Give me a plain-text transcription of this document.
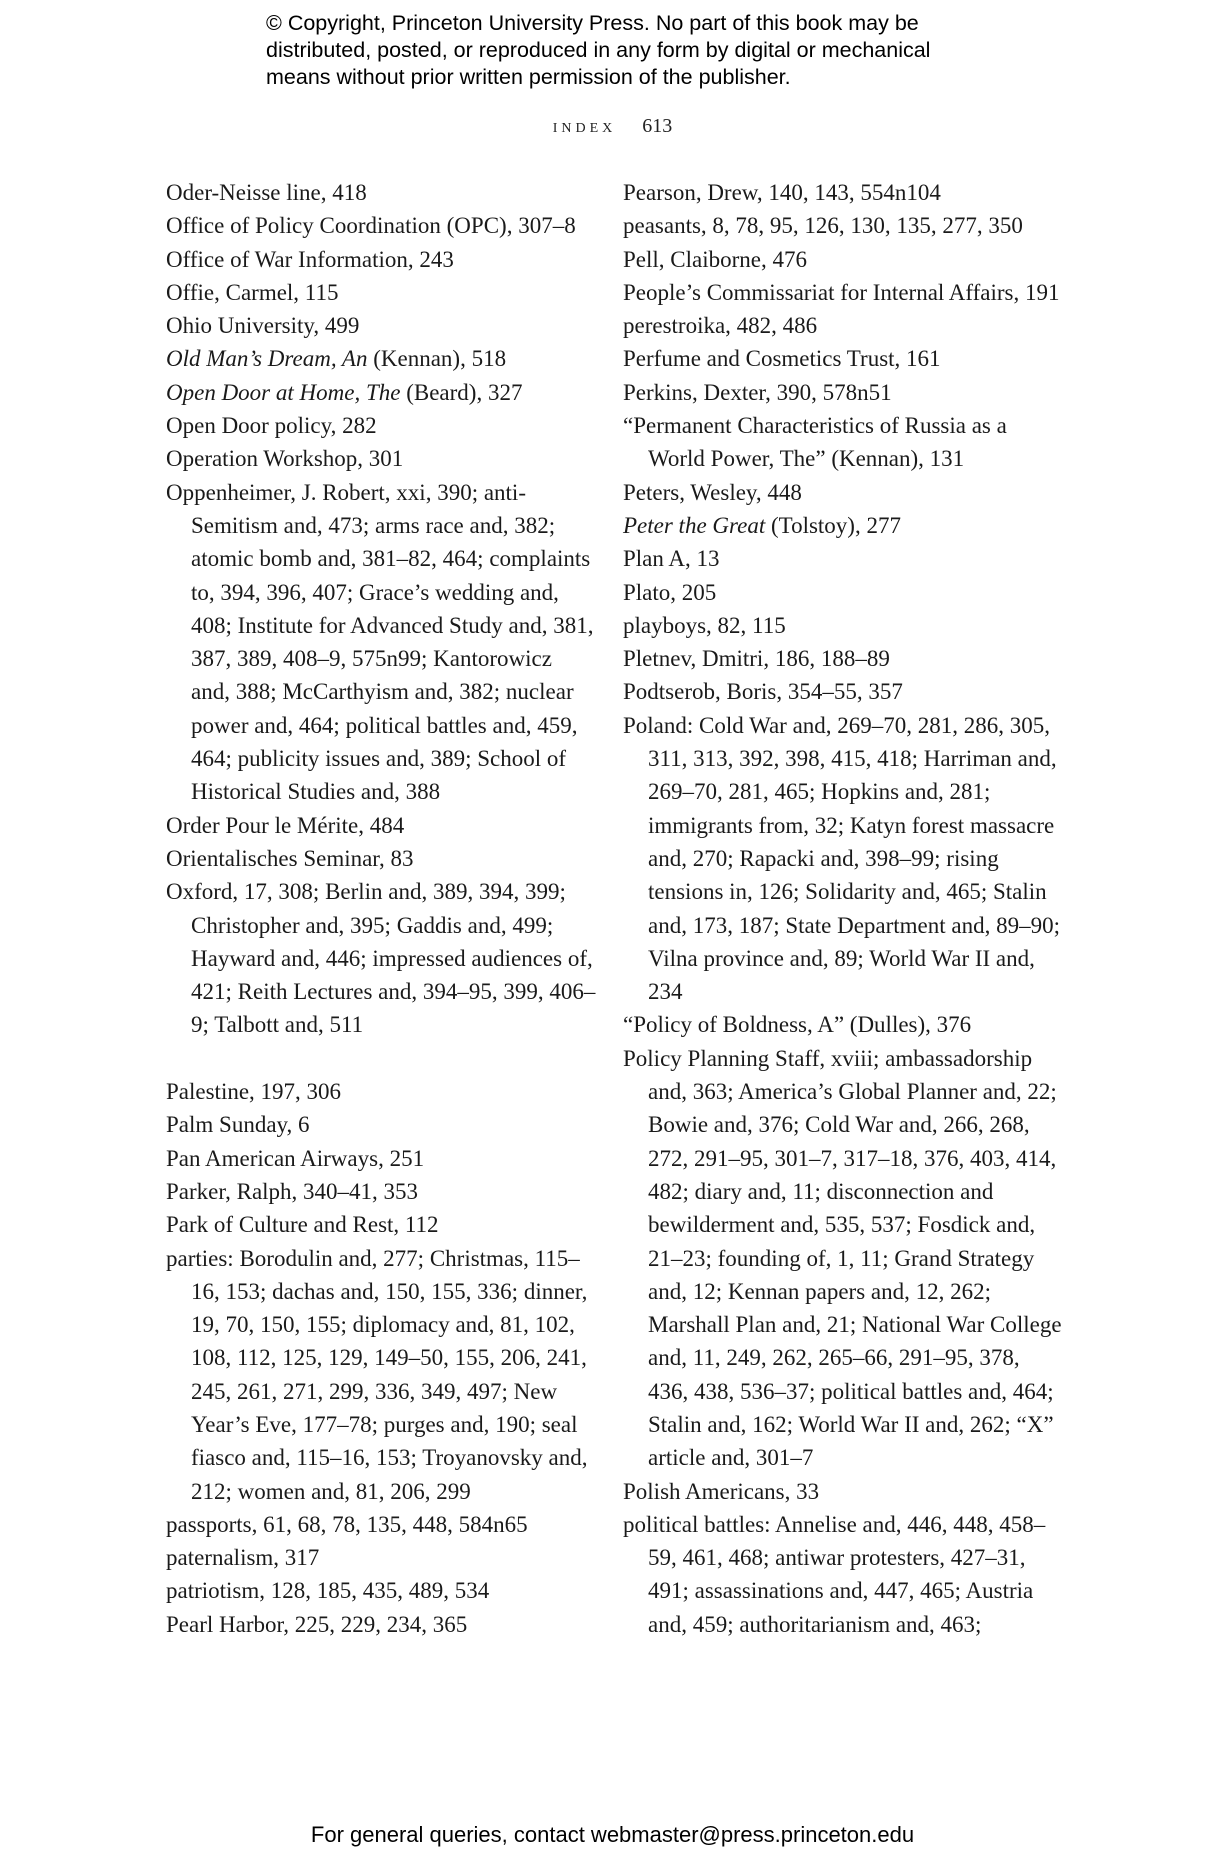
© Copyright, Princeton University Press. No part of this book may be
distributed, posted, or reproduced in any form by digital or mechanical
means without prior written permission of the publisher.
index 613

Oder-Neisse line, 418

Office of Policy Coordination (OPC), 307–8

Office of War Information, 243

Offie, Carmel, 115

Ohio University, 499

Old Man’s Dream, An (Kennan), 518

Open Door at Home, The (Beard), 327

Open Door policy, 282

Operation Workshop, 301

Oppenheimer, J. Robert, xxi, 390; anti-Semitism and, 473; arms race and, 382; atomic bomb and, 381–82, 464; complaints to, 394, 396, 407; Grace’s wedding and, 408; Institute for Advanced Study and, 381, 387, 389, 408–9, 575n99; Kantorowicz and, 388; McCarthyism and, 382; nuclear power and, 464; political battles and, 459, 464; publicity issues and, 389; School of Historical Studies and, 388

Order Pour le Mérite, 484

Orientalisches Seminar, 83

Oxford, 17, 308; Berlin and, 389, 394, 399; Christopher and, 395; Gaddis and, 499; Hayward and, 446; impressed audiences of, 421; Reith Lectures and, 394–95, 399, 406–9; Talbott and, 511

Palestine, 197, 306

Palm Sunday, 6

Pan American Airways, 251

Parker, Ralph, 340–41, 353

Park of Culture and Rest, 112

parties: Borodulin and, 277; Christmas, 115–16, 153; dachas and, 150, 155, 336; dinner, 19, 70, 150, 155; diplomacy and, 81, 102, 108, 112, 125, 129, 149–50, 155, 206, 241, 245, 261, 271, 299, 336, 349, 497; New Year’s Eve, 177–78; purges and, 190; seal fiasco and, 115–16, 153; Troyanovsky and, 212; women and, 81, 206, 299

passports, 61, 68, 78, 135, 448, 584n65

paternalism, 317

patriotism, 128, 185, 435, 489, 534

Pearl Harbor, 225, 229, 234, 365

Pearson, Drew, 140, 143, 554n104

peasants, 8, 78, 95, 126, 130, 135, 277, 350

Pell, Claiborne, 476

People’s Commissariat for Internal Affairs, 191

perestroika, 482, 486

Perfume and Cosmetics Trust, 161

Perkins, Dexter, 390, 578n51

“Permanent Characteristics of Russia as a World Power, The” (Kennan), 131

Peters, Wesley, 448

Peter the Great (Tolstoy), 277

Plan A, 13

Plato, 205

playboys, 82, 115

Pletnev, Dmitri, 186, 188–89

Podtserob, Boris, 354–55, 357

Poland: Cold War and, 269–70, 281, 286, 305, 311, 313, 392, 398, 415, 418; Harriman and, 269–70, 281, 465; Hopkins and, 281; immigrants from, 32; Katyn forest massacre and, 270; Rapacki and, 398–99; rising tensions in, 126; Solidarity and, 465; Stalin and, 173, 187; State Department and, 89–90; Vilna province and, 89; World War II and, 234

“Policy of Boldness, A” (Dulles), 376

Policy Planning Staff, xviii; ambassadorship and, 363; America’s Global Planner and, 22; Bowie and, 376; Cold War and, 266, 268, 272, 291–95, 301–7, 317–18, 376, 403, 414, 482; diary and, 11; disconnection and bewilderment and, 535, 537; Fosdick and, 21–23; founding of, 1, 11; Grand Strategy and, 12; Kennan papers and, 12, 262; Marshall Plan and, 21; National War College and, 11, 249, 262, 265–66, 291–95, 378, 436, 438, 536–37; political battles and, 464; Stalin and, 162; World War II and, 262; “X” article and, 301–7

Polish Americans, 33

political battles: Annelise and, 446, 448, 458–59, 461, 468; antiwar protesters, 427–31, 491; assassinations and, 447, 465; Austria and, 459; authoritarianism and, 463;

For general queries, contact webmaster@press.princeton.edu
